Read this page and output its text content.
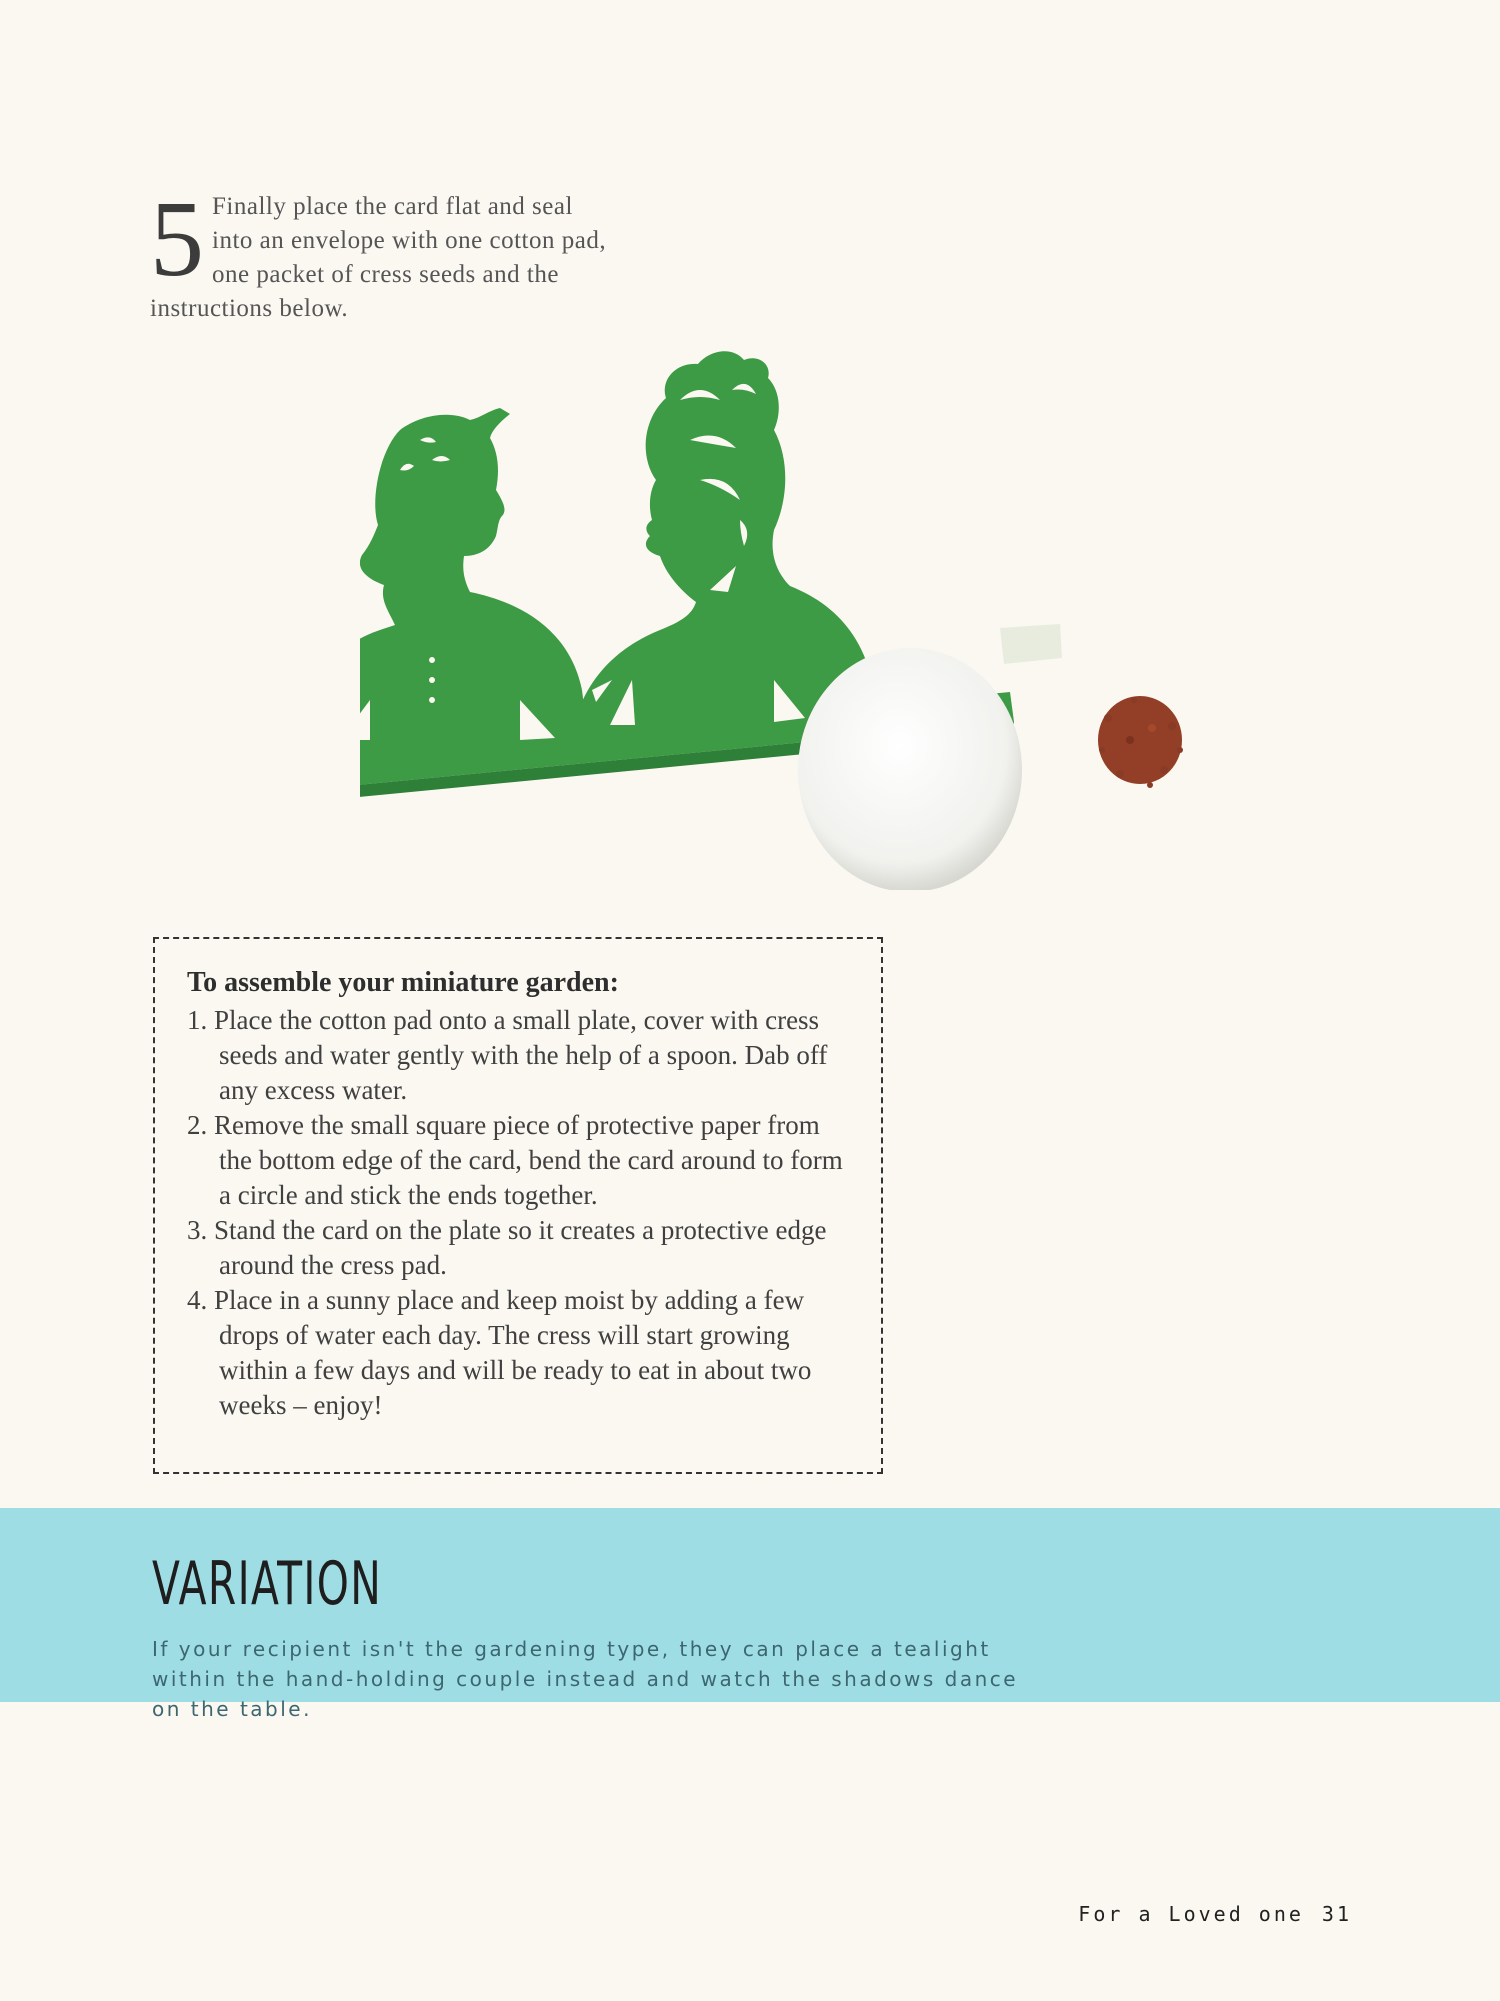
5 Finally place the card flat and seal into an envelope with one cotton pad, one packet of cress seeds and the instructions below.

To assemble your miniature garden:

1. Place the cotton pad onto a small plate, cover with cress seeds and water gently with the help of a spoon. Dab off any excess water.
2. Remove the small square piece of protective paper from the bottom edge of the card, bend the card around to form a circle and stick the ends together.
3. Stand the card on the plate so it creates a protective edge around the cress pad.
4. Place in a sunny place and keep moist by adding a few drops of water each day. The cress will start growing within a few days and will be ready to eat in about two weeks – enjoy!
VARIATION

If your recipient isn't the gardening type, they can place a tealight within the hand-holding couple instead and watch the shadows dance on the table.

For a Loved one 31
